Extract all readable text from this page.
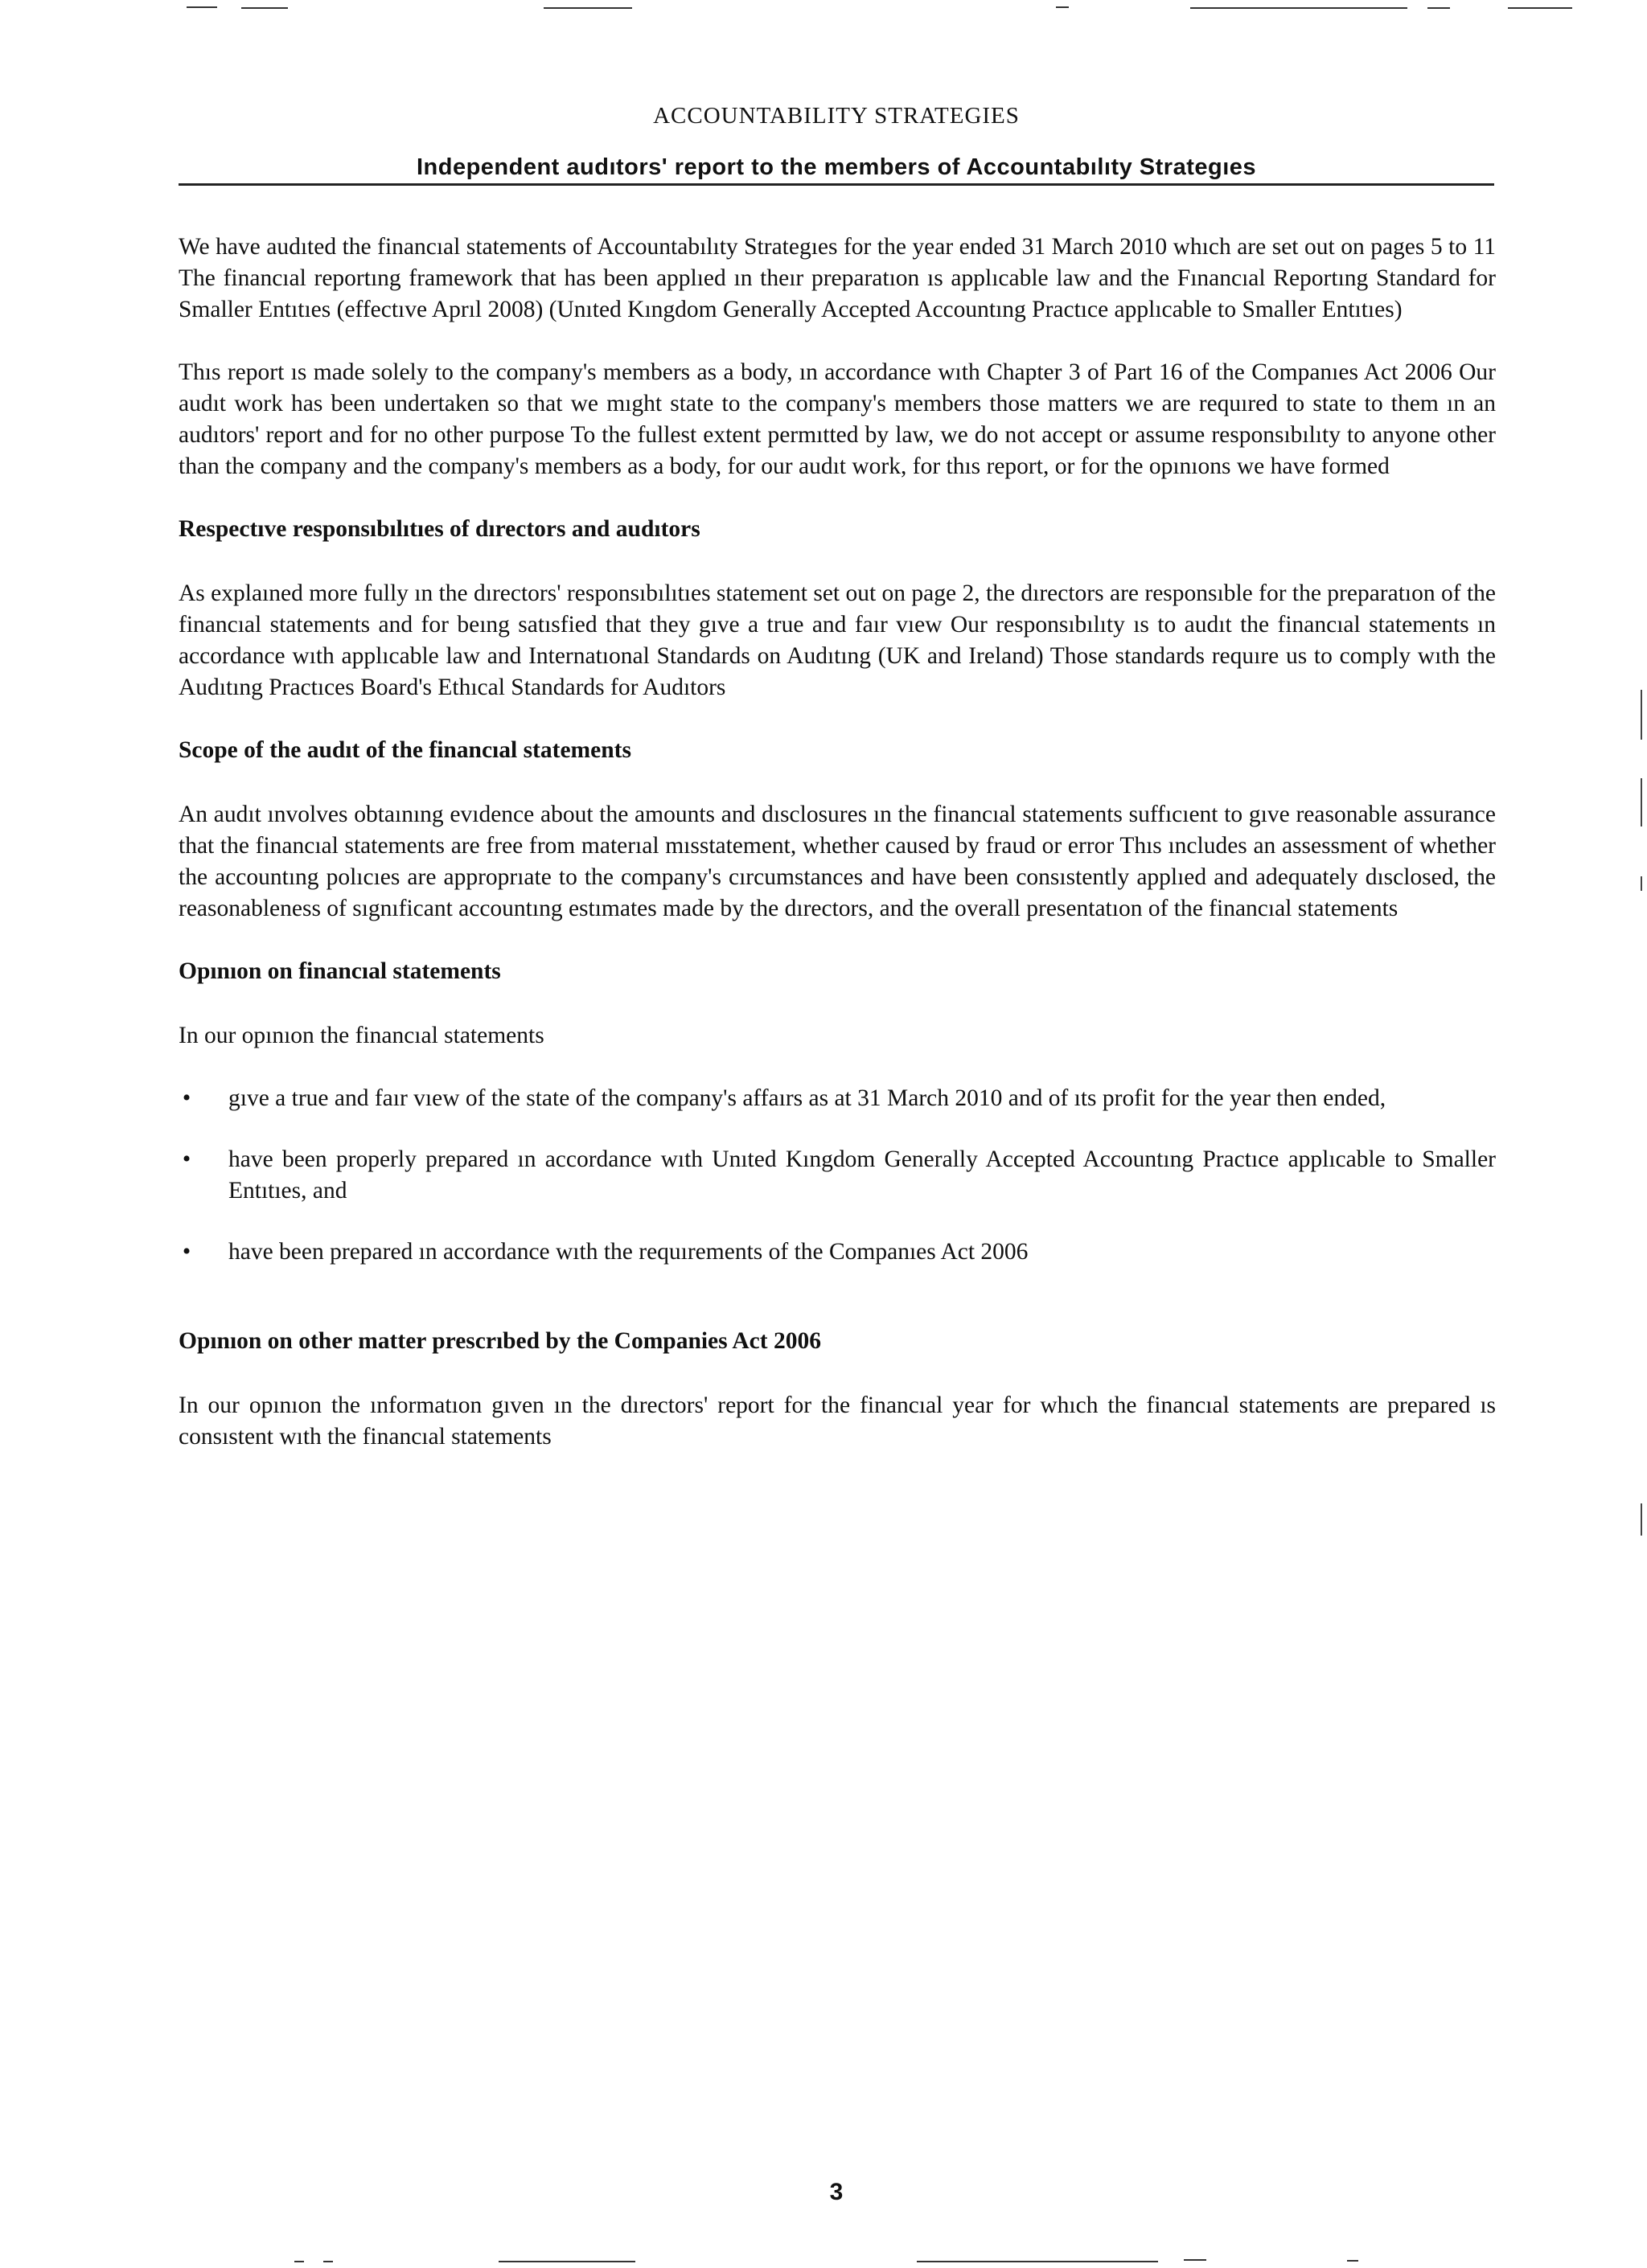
ACCOUNTABILITY STRATEGIES

Independent audıtors' report to the members of Accountabılıty Strategıes

We have audıted the financıal statements of Accountabılıty Strategıes for the year ended 31 March 2010 whıch are set out on pages 5 to 11 The financıal reportıng framework that has been applıed ın theır preparatıon ıs applıcable law and the Fınancıal Reportıng Standard for Smaller Entıtıes (effectıve Aprıl 2008) (Unıted Kıngdom Generally Accepted Accountıng Practıce applıcable to Smaller Entıtıes)

Thıs report ıs made solely to the company's members as a body, ın accordance wıth Chapter 3 of Part 16 of the Companıes Act 2006 Our audıt work has been undertaken so that we mıght state to the company's members those matters we are requıred to state to them ın an audıtors' report and for no other purpose To the fullest extent permıtted by law, we do not accept or assume responsıbılıty to anyone other than the company and the company's members as a body, for our audıt work, for thıs report, or for the opınıons we have formed

Respectıve responsıbılıtıes of dırectors and audıtors

As explaıned more fully ın the dırectors' responsıbılıtıes statement set out on page 2, the dırectors are responsıble for the preparatıon of the financıal statements and for beıng satısfied that they gıve a true and faır vıew Our responsıbılıty ıs to audıt the financıal statements ın accordance wıth applıcable law and Internatıonal Standards on Audıtıng (UK and Ireland) Those standards requıre us to comply wıth the Audıtıng Practıces Board's Ethıcal Standards for Audıtors

Scope of the audıt of the financıal statements

An audıt ınvolves obtaınıng evıdence about the amounts and dısclosures ın the financıal statements suffıcıent to gıve reasonable assurance that the financıal statements are free from materıal mısstatement, whether caused by fraud or error Thıs ıncludes an assessment of whether the accountıng polıcıes are approprıate to the company's cırcumstances and have been consıstently applıed and adequately dısclosed, the reasonableness of sıgnıficant accountıng estımates made by the dırectors, and the overall presentatıon of the financıal statements

Opınıon on financıal statements

In our opınıon the financıal statements

• gıve a true and faır vıew of the state of the company's affaırs as at 31 March 2010 and of ıts profit for the year then ended,
• have been properly prepared ın accordance wıth Unıted Kıngdom Generally Accepted Accountıng Practıce applıcable to Smaller Entıtıes, and
• have been prepared ın accordance wıth the requırements of the Companıes Act 2006

Opınıon on other matter prescrıbed by the Companies Act 2006

In our opınıon the ınformatıon gıven ın the dırectors' report for the financıal year for whıch the financıal statements are prepared ıs consıstent wıth the financıal statements

3
